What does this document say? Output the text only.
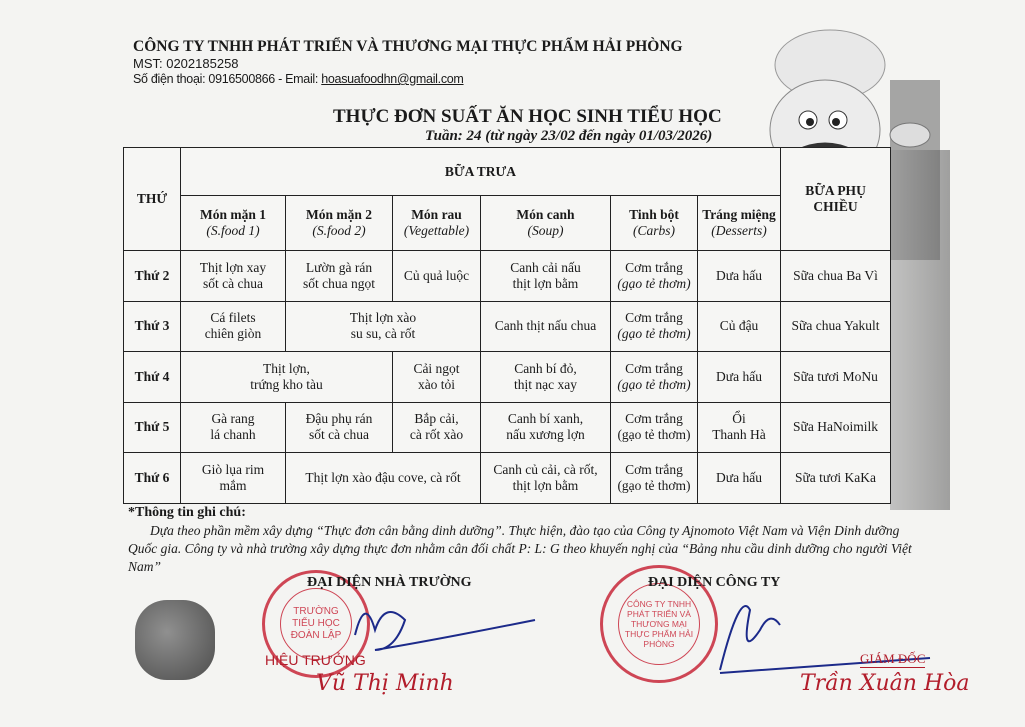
CÔNG TY TNHH PHÁT TRIỂN VÀ THƯƠNG MẠI THỰC PHẨM HẢI PHÒNG
MST: 0202185258
Số điện thoại: 0916500866 - Email: hoasuafoodhn@gmail.com
THỰC ĐƠN SUẤT ĂN HỌC SINH TIỂU HỌC
Tuần: 24 (từ ngày 23/02 đến ngày 01/03/2026)
THỨ	BỮA TRƯA						BỮA PHỤ CHIỀU

	Món mặn 1
(S.food 1)	Món mặn 2
(S.food 2)	Món rau
(Vegettable)	Món canh
(Soup)	Tinh bột
(Carbs)	Tráng miệng
(Desserts)	

Thứ 2	Thịt lợn xay
sốt cà chua	Lườn gà rán
sốt chua ngọt	Củ quả luộc	Canh cải nấu
thịt lợn bằm	Cơm trắng
(gạo tẻ thơm)	Dưa hấu	Sữa chua Ba Vì

Thứ 3	Cá filets
chiên giòn	Thịt lợn xào
su su, cà rốt		Canh thịt nấu chua	Cơm trắng
(gạo tẻ thơm)	Củ đậu	Sữa chua Yakult

Thứ 4	Thịt lợn,
trứng kho tàu		Cải ngọt
xào tỏi	Canh bí đỏ,
thịt nạc xay	Cơm trắng
(gạo tẻ thơm)	Dưa hấu	Sữa tươi MoNu

Thứ 5	Gà rang
lá chanh	Đậu phụ rán
sốt cà chua	Bắp cải,
cà rốt xào	Canh bí xanh,
nấu xương lợn	Cơm trắng
(gạo tẻ thơm)	Ổi
Thanh Hà	Sữa HaNoimilk

Thứ 6	Giò lụa rim
mắm	Thịt lợn xào đậu cove, cà rốt		Canh củ cải, cà rốt,
thịt lợn bằm	Cơm trắng
(gạo tẻ thơm)	Dưa hấu	Sữa tươi KaKa
*Thông tin ghi chú:
Dựa theo phần mềm xây dựng “Thực đơn cân bằng dinh dưỡng”. Thực hiện, đào tạo của Công ty Ajnomoto Việt Nam và Viện Dinh dưỡng Quốc gia. Công ty và nhà trường xây dựng thực đơn nhằm cân đối chất P: L: G theo khuyến nghị của “Bảng nhu cầu dinh dưỡng cho người Việt Nam”
TRƯỜNG TIỂU HỌC ĐOÀN LẬP
ĐẠI DIỆN NHÀ TRƯỜNG
HIỆU TRƯỞNG
Vũ Thị Minh
CÔNG TY TNHH PHÁT TRIỂN VÀ THƯƠNG MẠI THỰC PHẨM HẢI PHÒNG
ĐẠI DIỆN CÔNG TY
GIÁM ĐỐC
Trần Xuân Hòa
